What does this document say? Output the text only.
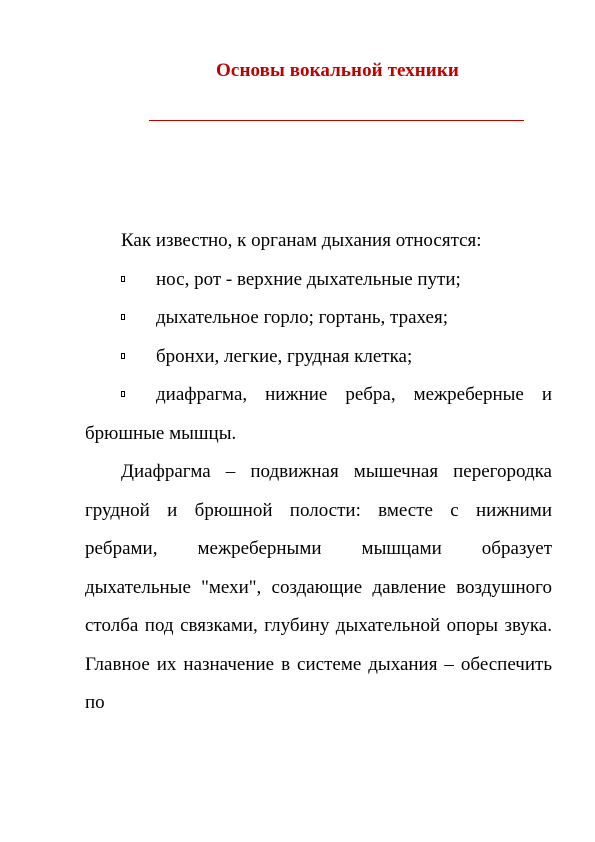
Основы вокальной техники

Как известно, к органам дыхания относятся:

нос, рот - верхние дыхательные пути;
дыхательное горло; гортань, трахея;
бронхи, легкие, грудная клетка;
диафрагма, нижние ребра, межреберные и брюшные мышцы.

Диафрагма – подвижная мышечная перегородка грудной и брюшной полости: вместе с нижними ребрами, межреберными мышцами образует дыхательные "мехи", создающие давление воздушного столба под связками, глубину дыхательной опоры звука. Главное их назначение в системе дыхания – обеспечить по
